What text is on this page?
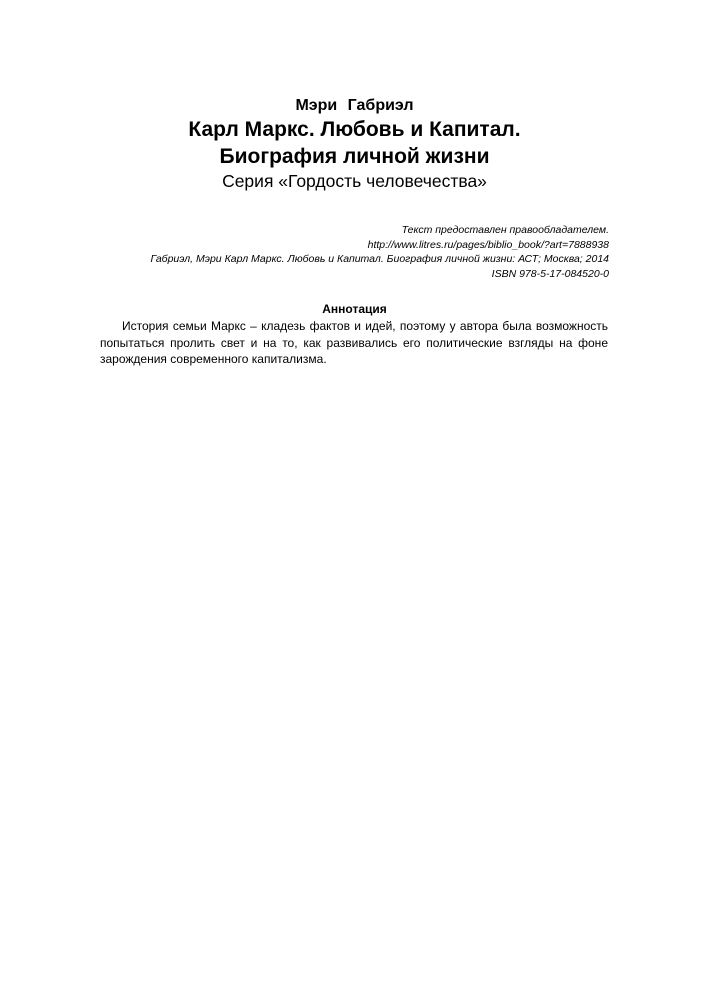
Мэри Габриэл

Карл Маркс. Любовь и Капитал.

Биография личной жизни

Серия «Гордость человечества»

Текст предоставлен правообладателем.
http://www.litres.ru/pages/biblio_book/?art=7888938
Габриэл, Мэри Карл Маркс. Любовь и Капитал. Биография личной жизни: АСТ; Москва; 2014
ISBN 978-5-17-084520-0

Аннотация

История семьи Маркс – кладезь фактов и идей, поэтому у автора была возможность попытаться пролить свет и на то, как развивались его политические взгляды на фоне зарождения современного капитализма.
